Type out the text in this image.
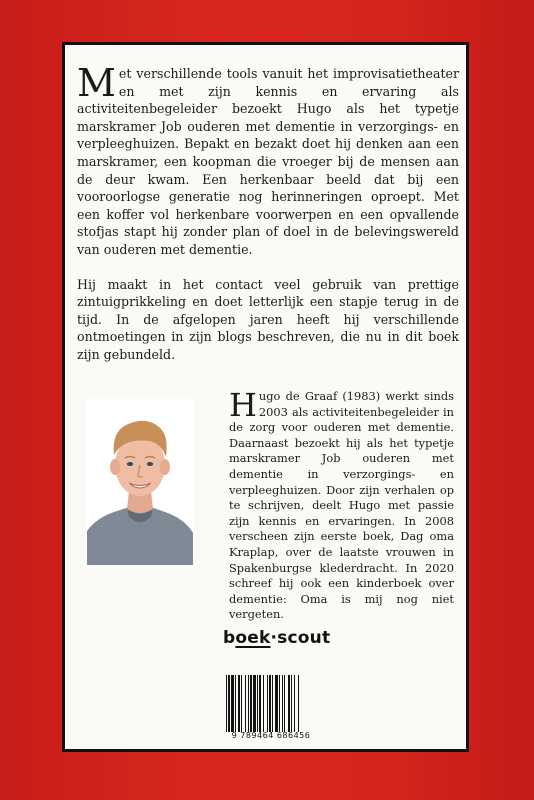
Met verschillende tools vanuit het improvisatietheater en met zijn kennis en ervaring als activiteitenbegeleider bezoekt Hugo als het typetje marskramer Job ouderen met dementie in verzorgings- en verpleeghuizen. Bepakt en bezakt doet hij denken aan een marskramer, een koopman die vroeger bij de mensen aan de deur kwam. Een herkenbaar beeld dat bij een vooroorlogse generatie nog herinneringen oproept. Met een koffer vol herkenbare voorwerpen en een opvallende stofjas stapt hij zonder plan of doel in de belevingswereld van ouderen met dementie.

Hij maakt in het contact veel gebruik van prettige zintuigprikkeling en doet letterlijk een stapje terug in de tijd. In de afgelopen jaren heeft hij verschillende ontmoetingen in zijn blogs beschreven, die nu in dit boek zijn gebundeld.

Hugo de Graaf (1983) werkt sinds 2003 als activiteitenbegeleider in de zorg voor ouderen met dementie. Daarnaast bezoekt hij als het typetje marskramer Job ouderen met dementie in verzorgings- en verpleeghuizen. Door zijn verhalen op te schrijven, deelt Hugo met passie zijn kennis en ervaringen. In 2008 verscheen zijn eerste boek, Dag oma Kraplap, over de laatste vrouwen in Spakenburgse klederdracht. In 2020 schreef hij ook een kinderboek over dementie: Oma is mij nog niet vergeten.

boek·scout
9 789464 686456
